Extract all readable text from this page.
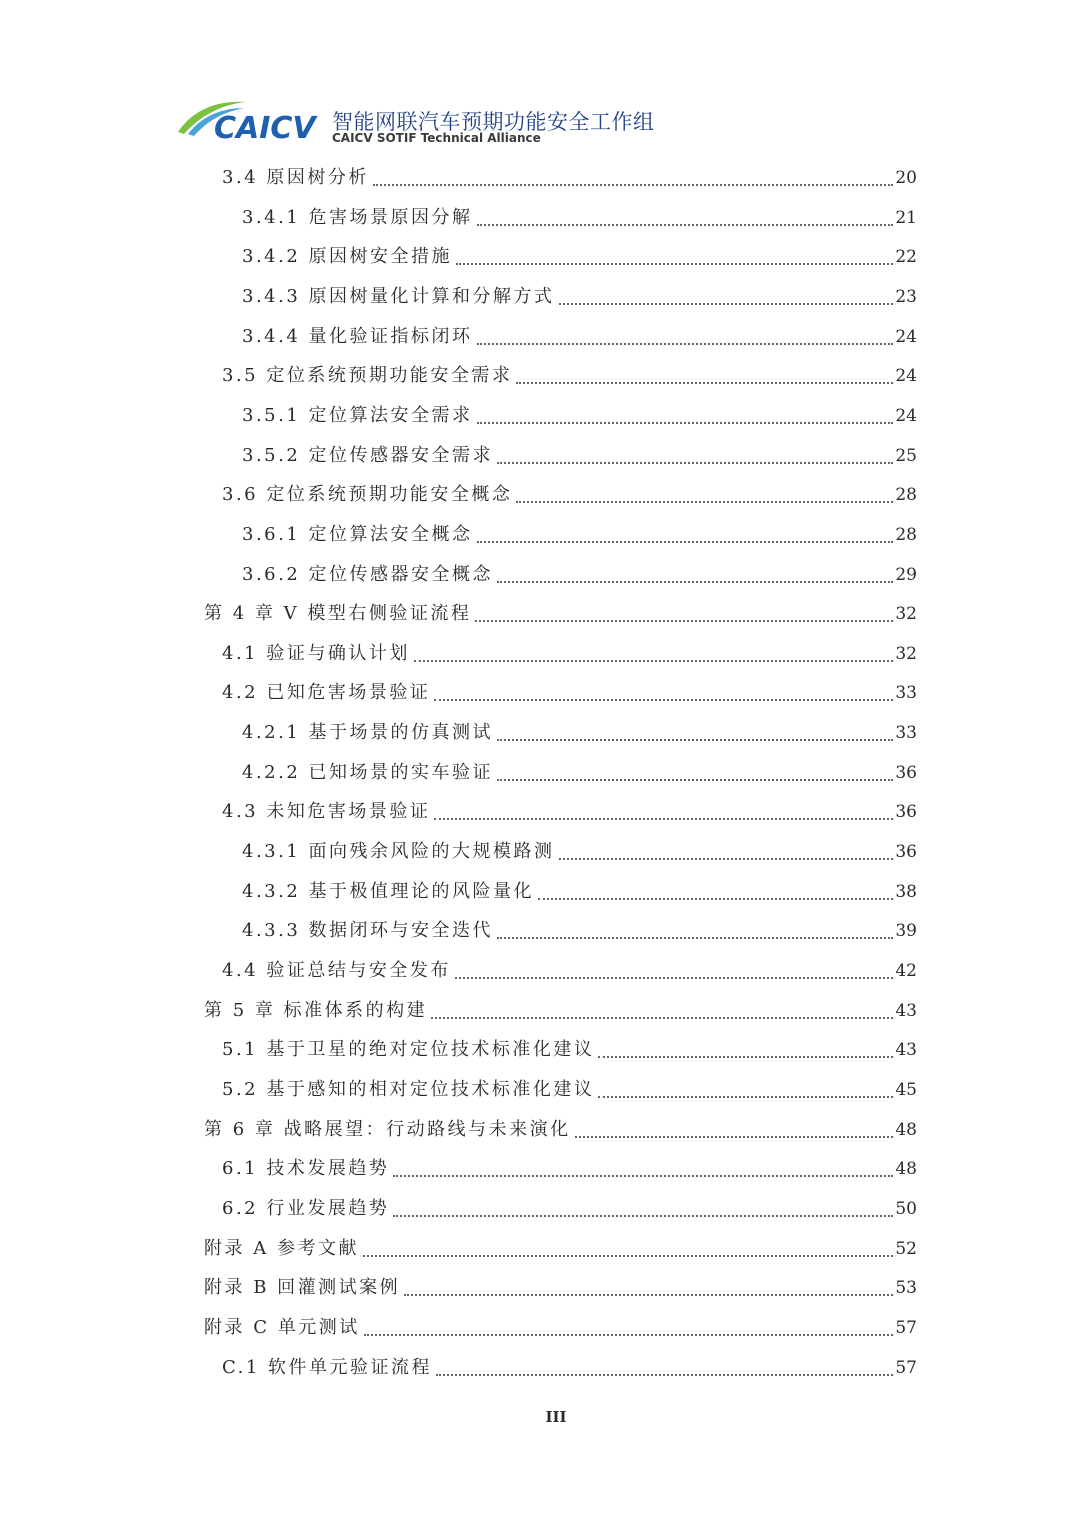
CAICV 智能网联汽车预期功能安全工作组
CAICV SOTIF Technical Alliance
3.4 原因树分析	20
3.4.1 危害场景原因分解	21
3.4.2 原因树安全措施	22
3.4.3 原因树量化计算和分解方式	23
3.4.4 量化验证指标闭环	24
3.5 定位系统预期功能安全需求	24
3.5.1 定位算法安全需求	24
3.5.2 定位传感器安全需求	25
3.6 定位系统预期功能安全概念	28
3.6.1 定位算法安全概念	28
3.6.2 定位传感器安全概念	29
第 4 章 V 模型右侧验证流程	32
4.1 验证与确认计划	32
4.2 已知危害场景验证	33
4.2.1 基于场景的仿真测试	33
4.2.2 已知场景的实车验证	36
4.3 未知危害场景验证	36
4.3.1 面向残余风险的大规模路测	36
4.3.2 基于极值理论的风险量化	38
4.3.3 数据闭环与安全迭代	39
4.4 验证总结与安全发布	42
第 5 章 标准体系的构建	43
5.1 基于卫星的绝对定位技术标准化建议	43
5.2 基于感知的相对定位技术标准化建议	45
第 6 章 战略展望：行动路线与未来演化	48
6.1 技术发展趋势	48
6.2 行业发展趋势	50
附录 A 参考文献	52
附录 B 回灌测试案例	53
附录 C 单元测试	57
C.1 软件单元验证流程	57
III
